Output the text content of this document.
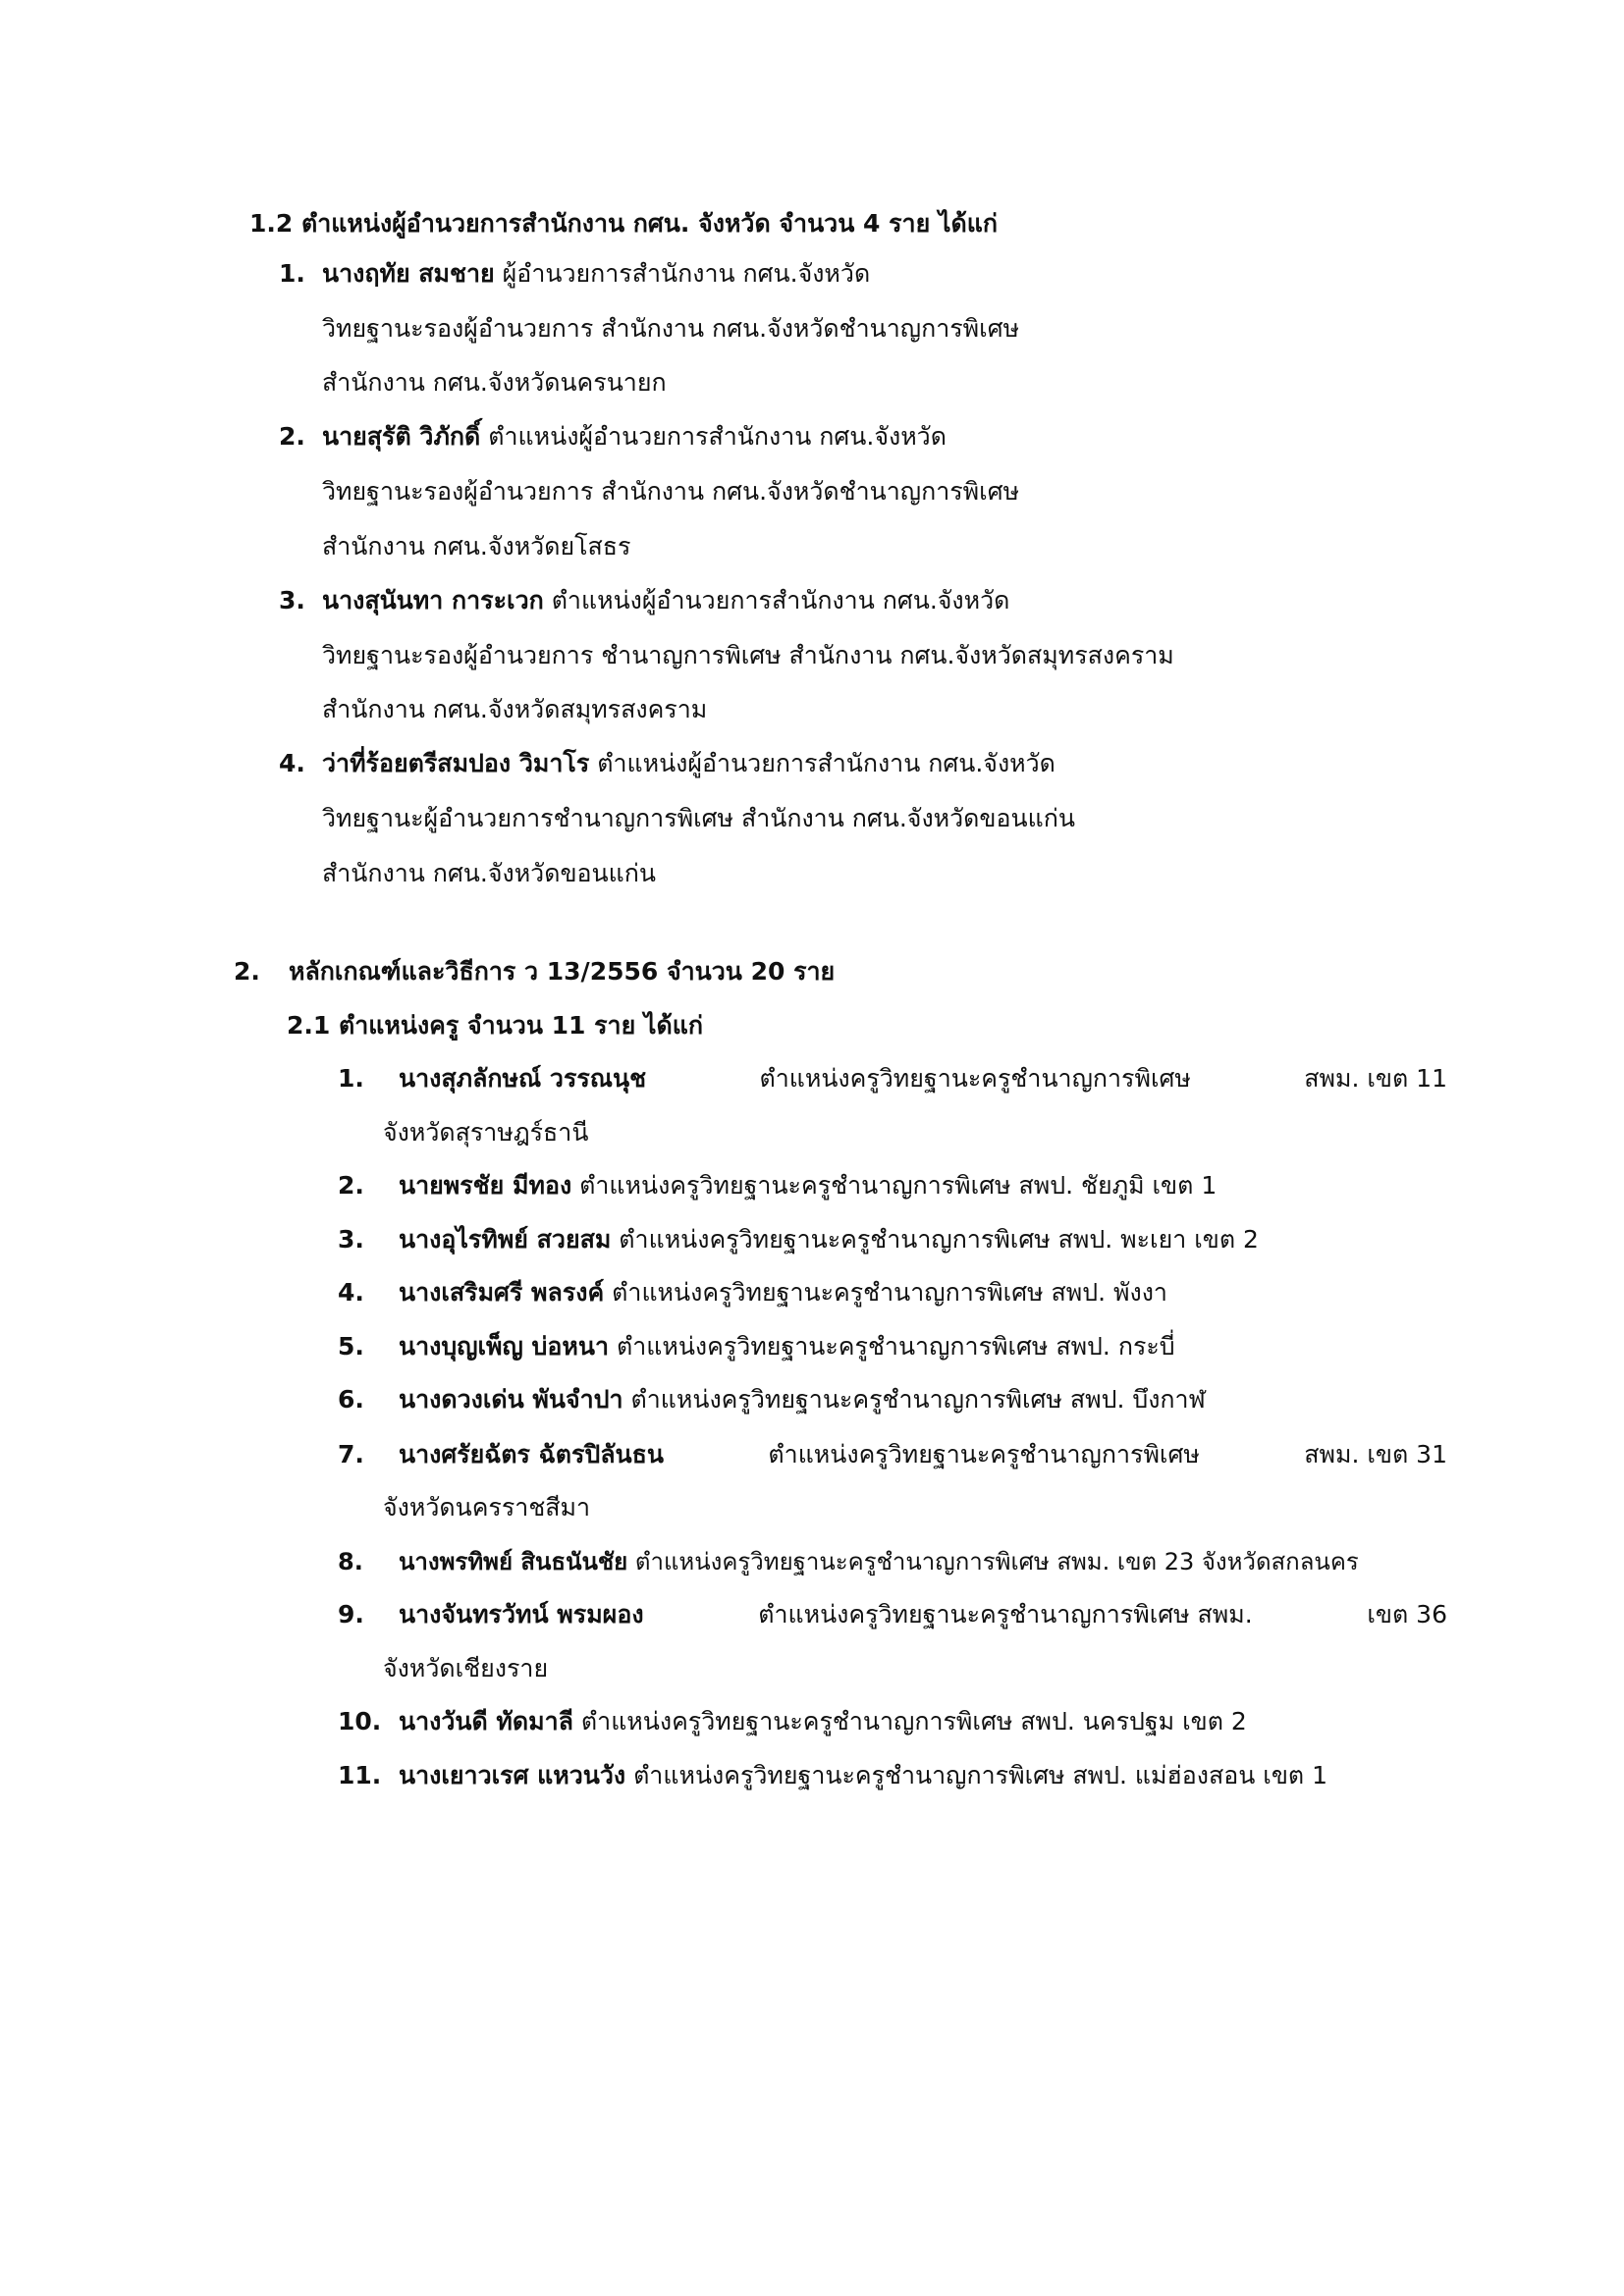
1.2 ตำแหน่งผู้อำนวยการสำนักงาน กศน. จังหวัด จำนวน 4 ราย ได้แก่
1. นางฤทัย สมชาย ผู้อำนวยการสำนักงาน กศน.จังหวัด
วิทยฐานะรองผู้อำนวยการ สำนักงาน กศน.จังหวัดชำนาญการพิเศษ
สำนักงาน กศน.จังหวัดนครนายก
2. นายสุรัติ วิภักดิ์ ตำแหน่งผู้อำนวยการสำนักงาน กศน.จังหวัด
วิทยฐานะรองผู้อำนวยการ สำนักงาน กศน.จังหวัดชำนาญการพิเศษ
สำนักงาน กศน.จังหวัดยโสธร
3. นางสุนันทา การะเวก ตำแหน่งผู้อำนวยการสำนักงาน กศน.จังหวัด
วิทยฐานะรองผู้อำนวยการ ชำนาญการพิเศษ สำนักงาน กศน.จังหวัดสมุทรสงคราม
สำนักงาน กศน.จังหวัดสมุทรสงคราม
4. ว่าที่ร้อยตรีสมปอง วิมาโร ตำแหน่งผู้อำนวยการสำนักงาน กศน.จังหวัด
วิทยฐานะผู้อำนวยการชำนาญการพิเศษ สำนักงาน กศน.จังหวัดขอนแก่น
สำนักงาน กศน.จังหวัดขอนแก่น
2. หลักเกณฑ์และวิธีการ ว 13/2556 จำนวน 20 ราย
2.1 ตำแหน่งครู จำนวน 11 ราย ได้แก่
1. นางสุภลักษณ์ วรรณนุช	ตำแหน่งครูวิทยฐานะครูชำนาญการพิเศษ	สพม. เขต 11
จังหวัดสุราษฎร์ธานี
2. นายพรชัย มีทอง ตำแหน่งครูวิทยฐานะครูชำนาญการพิเศษ สพป. ชัยภูมิ เขต 1
3. นางอุไรทิพย์ สวยสม ตำแหน่งครูวิทยฐานะครูชำนาญการพิเศษ สพป. พะเยา เขต 2
4. นางเสริมศรี พลรงค์ ตำแหน่งครูวิทยฐานะครูชำนาญการพิเศษ สพป. พังงา
5. นางบุญเพ็ญ บ่อหนา ตำแหน่งครูวิทยฐานะครูชำนาญการพิเศษ สพป. กระบี่
6. นางดวงเด่น พันจำปา ตำแหน่งครูวิทยฐานะครูชำนาญการพิเศษ สพป. บึงกาฬ
7. นางศรัยฉัตร ฉัตรปิลันธน	ตำแหน่งครูวิทยฐานะครูชำนาญการพิเศษ	สพม. เขต 31
จังหวัดนครราชสีมา
8. นางพรทิพย์ สินธนันชัย ตำแหน่งครูวิทยฐานะครูชำนาญการพิเศษ สพม. เขต 23 จังหวัดสกลนคร
9. นางจันทรวัทน์ พรมผอง	ตำแหน่งครูวิทยฐานะครูชำนาญการพิเศษ สพม.	เขต 36
จังหวัดเชียงราย
10. นางวันดี ทัดมาลี ตำแหน่งครูวิทยฐานะครูชำนาญการพิเศษ สพป. นครปฐม เขต 2
11. นางเยาวเรศ แหวนวัง ตำแหน่งครูวิทยฐานะครูชำนาญการพิเศษ สพป. แม่ฮ่องสอน เขต 1
